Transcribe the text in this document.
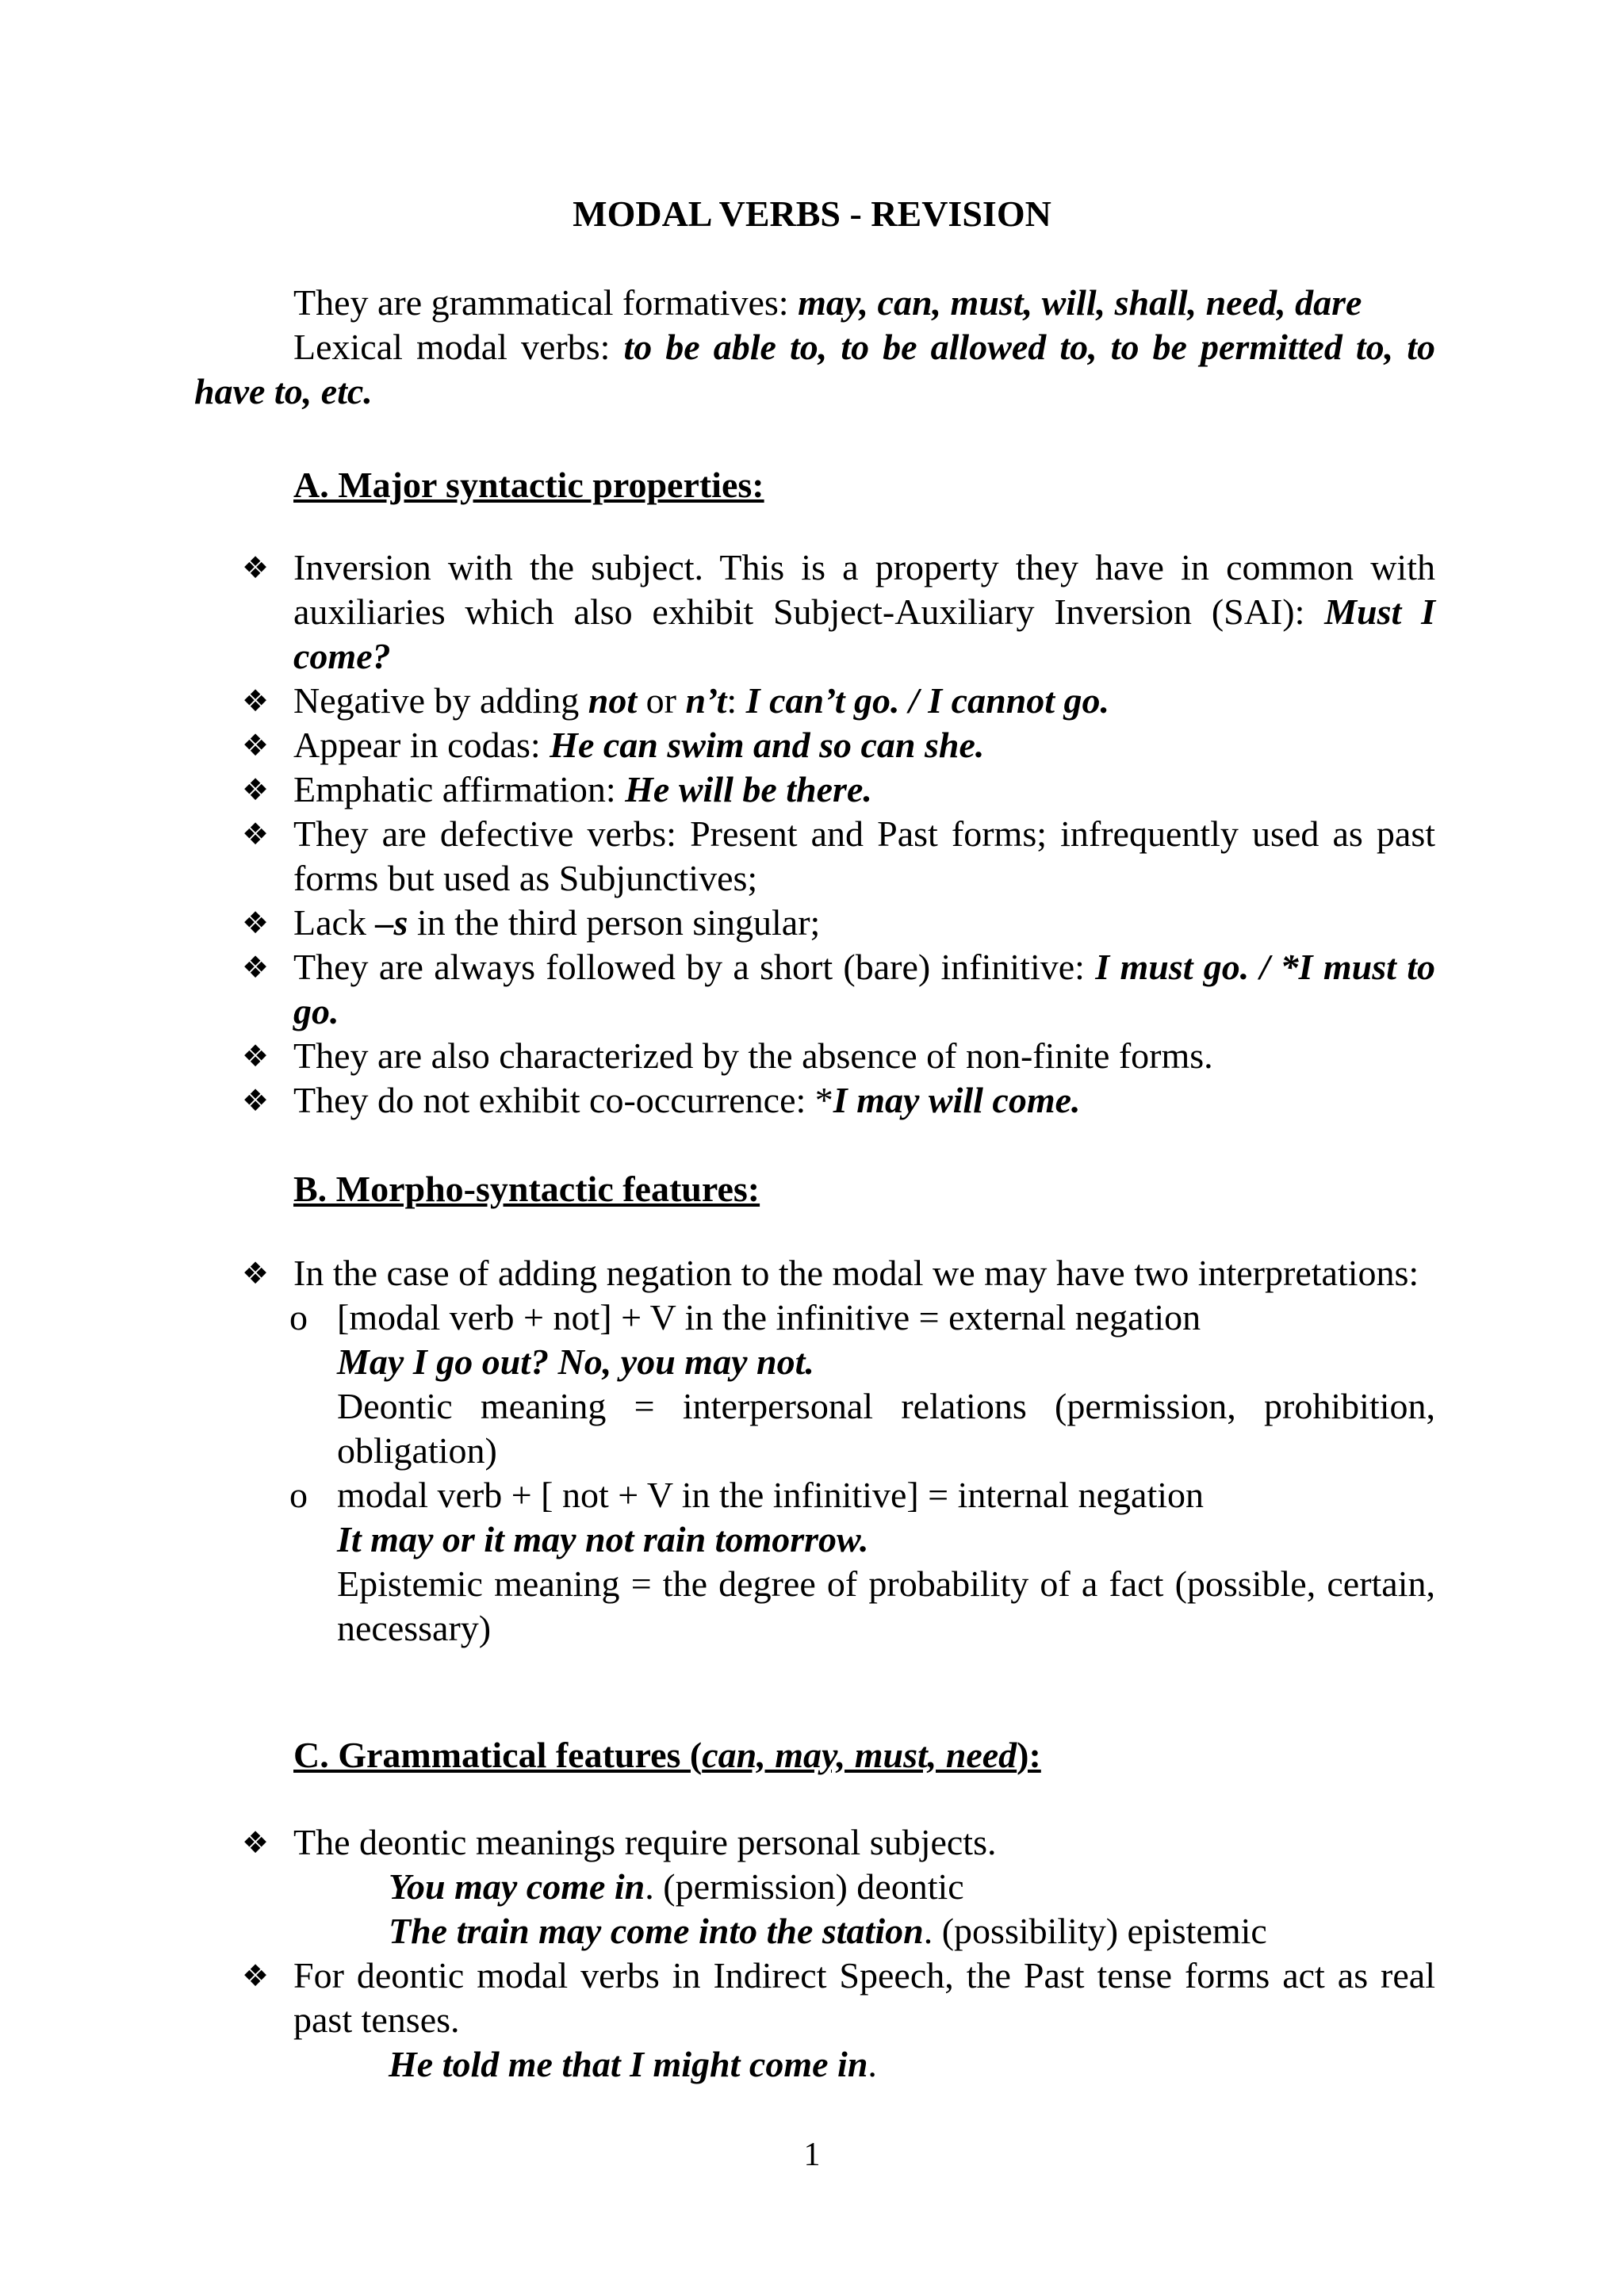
MODAL VERBS - REVISION
They are grammatical formatives: may, can, must, will, shall, need, dare
Lexical modal verbs: to be able to, to be allowed to, to be permitted to, to have to, etc.
A. Major syntactic properties:
❖ Inversion with the subject. This is a property they have in common with auxiliaries which also exhibit Subject-Auxiliary Inversion (SAI): Must I come?
❖ Negative by adding not or n’t: I can’t go. / I cannot go.
❖ Appear in codas: He can swim and so can she.
❖ Emphatic affirmation: He will be there.
❖ They are defective verbs: Present and Past forms; infrequently used as past forms but used as Subjunctives;
❖ Lack –s in the third person singular;
❖ They are always followed by a short (bare) infinitive: I must go. / *I must to go.
❖ They are also characterized by the absence of non-finite forms.
❖ They do not exhibit co-occurrence: *I may will come.
B. Morpho-syntactic features:
❖ In the case of adding negation to the modal we may have two interpretations:
o [modal verb + not] + V in the infinitive = external negation
May I go out? No, you may not.
Deontic meaning = interpersonal relations (permission, prohibition, obligation)
o modal verb + [ not + V in the infinitive] = internal negation
It may or it may not rain tomorrow.
Epistemic meaning = the degree of probability of a fact (possible, certain, necessary)
C. Grammatical features (can, may, must, need):
❖ The deontic meanings require personal subjects.
You may come in. (permission) deontic
The train may come into the station. (possibility) epistemic
❖ For deontic modal verbs in Indirect Speech, the Past tense forms act as real past tenses.
He told me that I might come in.
1
